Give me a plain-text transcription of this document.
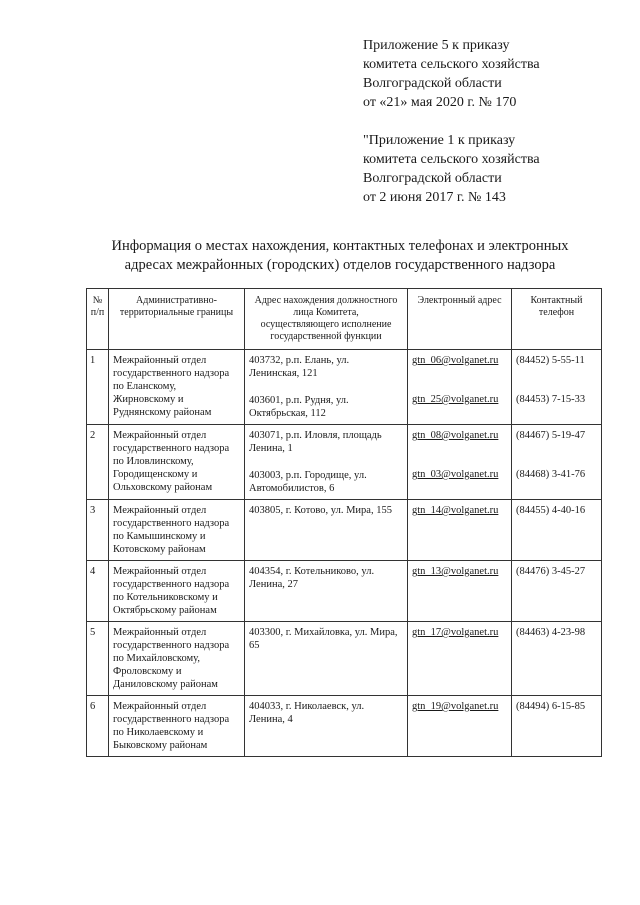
Приложение 5 к приказу
комитета сельского хозяйства
Волгоградской области
от «21» мая 2020 г. № 170
"Приложение 1 к приказу
комитета сельского хозяйства
Волгоградской области
от 2 июня 2017 г. № 143
Информация о местах нахождения, контактных телефонах и электронных
адресах межрайонных (городских) отделов государственного надзора
№
п/п	Административно-
территориальные границы	Адрес нахождения должностного
лица Комитета,
осуществляющего исполнение
государственной функции	Электронный адрес	Контактный
телефон

1	Межрайонный отдел
государственного надзора
по Еланскому,
Жирновскому и
Руднянскому районам	403732, р.п. Елань, ул.
Ленинская, 121
403601, р.п. Рудня, ул.
Октябрьская, 112	gtn_06@volganet.ru
gtn_25@volganet.ru	(84452) 5-55-11
(84453) 7-15-33

2	Межрайонный отдел
государственного надзора
по Иловлинскому,
Городищенскому и
Ольховскому районам	403071, р.п. Иловля, площадь
Ленина, 1
403003, р.п. Городище, ул.
Автомобилистов, 6	gtn_08@volganet.ru
gtn_03@volganet.ru	(84467) 5-19-47
(84468) 3-41-76

3	Межрайонный отдел
государственного надзора
по Камышинскому и
Котовскому районам	403805, г. Котово, ул. Мира, 155	gtn_14@volganet.ru	(84455) 4-40-16

4	Межрайонный отдел
государственного надзора
по Котельниковскому и
Октябрьскому районам	404354, г. Котельниково, ул.
Ленина, 27	gtn_13@volganet.ru	(84476) 3-45-27

5	Межрайонный отдел
государственного надзора
по Михайловскому,
Фроловскому и
Даниловскому районам	403300, г. Михайловка, ул. Мира,
65	gtn_17@volganet.ru	(84463) 4-23-98

6	Межрайонный отдел
государственного надзора
по Николаевскому и
Быковскому районам	404033, г. Николаевск, ул.
Ленина, 4	gtn_19@volganet.ru	(84494) 6-15-85
